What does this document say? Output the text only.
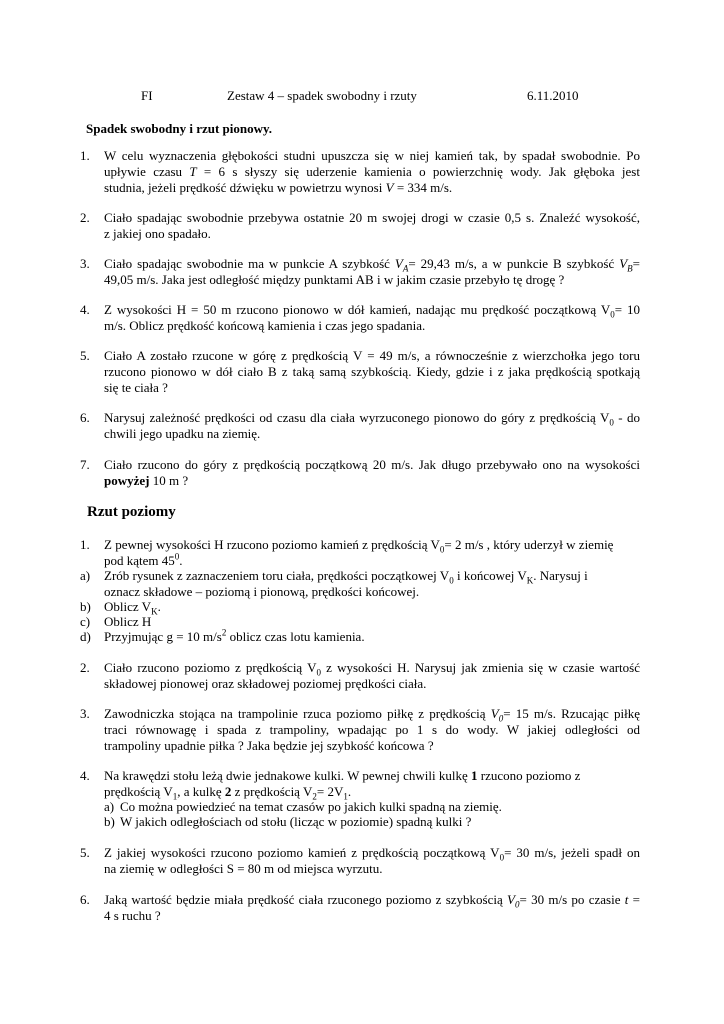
FI	Zestaw 4 – spadek swobodny i rzuty	6.11.2010
Spadek swobodny i rzut pionowy.
1. W celu wyznaczenia głębokości studni upuszcza się w niej kamień tak, by spadał swobodnie. Po
upływie czasu T = 6 s słyszy się uderzenie kamienia o powierzchnię wody. Jak głęboka jest
studnia, jeżeli prędkość dźwięku w powietrzu wynosi V = 334 m/s.
2. Ciało spadając swobodnie przebywa ostatnie 20 m swojej drogi w czasie 0,5 s. Znaleźć wysokość,
z jakiej ono spadało.
3. Ciało spadając swobodnie ma w punkcie A szybkość $V_A= 29,43$ m/s, a w punkcie B szybkość $V_B=$
49,05 m/s. Jaka jest odległość między punktami AB i w jakim czasie przebyło tę drogę ?
4. Z wysokości H = 50 m rzucono pionowo w dół kamień, nadając mu prędkość początkową $V_0= 10$
m/s. Oblicz prędkość końcową kamienia i czas jego spadania.
5. Ciało A zostało rzucone w górę z prędkością V = 49 m/s, a równocześnie z wierzchołka jego toru
rzucono pionowo w dół ciało B z taką samą szybkością. Kiedy, gdzie i z jaka prędkością spotkają
się te ciała ?
6. Narysuj zależność prędkości od czasu dla ciała wyrzuconego pionowo do góry z prędkością $V_0$ - do
chwili jego upadku na ziemię.
7. Ciało rzucono do góry z prędkością początkową 20 m/s. Jak długo przebywało ono na wysokości
powyżej 10 m ?
Rzut poziomy
1. Z pewnej wysokości H rzucono poziomo kamień z prędkością $V_0= 2$ m/s , który uderzył w ziemię
pod kątem $45^0$.
a) Zrób rysunek z zaznaczeniem toru ciała, prędkości początkowej $V_0$ i końcowej $V_K$. Narysuj i
oznacz składowe – poziomą i pionową, prędkości końcowej.
b) Oblicz $V_K$.
c) Oblicz H
d) Przyjmując g = 10 $m/s^2$ oblicz czas lotu kamienia.
2. Ciało rzucono poziomo z prędkością $V_0$ z wysokości H. Narysuj jak zmienia się w czasie wartość
składowej pionowej oraz składowej poziomej prędkości ciała.
3. Zawodniczka stojąca na trampolinie rzuca poziomo piłkę z prędkością $V_0= 15$ m/s. Rzucając piłkę
traci równowagę i spada z trampoliny, wpadając po 1 s do wody. W jakiej odległości od
trampoliny upadnie piłka ? Jaka będzie jej szybkość końcowa ?
4. Na krawędzi stołu leżą dwie jednakowe kulki. W pewnej chwili kulkę 1 rzucono poziomo z
prędkością $V_1$, a kulkę 2 z prędkością $V_2= 2V_1$.
a) Co można powiedzieć na temat czasów po jakich kulki spadną na ziemię.
b) W jakich odległościach od stołu (licząc w poziomie) spadną kulki ?
5. Z jakiej wysokości rzucono poziomo kamień z prędkością początkową $V_0= 30$ m/s, jeżeli spadł on
na ziemię w odległości S = 80 m od miejsca wyrzutu.
6. Jaką wartość będzie miała prędkość ciała rzuconego poziomo z szybkością $V_0= 30$ m/s po czasie t =
4 s ruchu ?
